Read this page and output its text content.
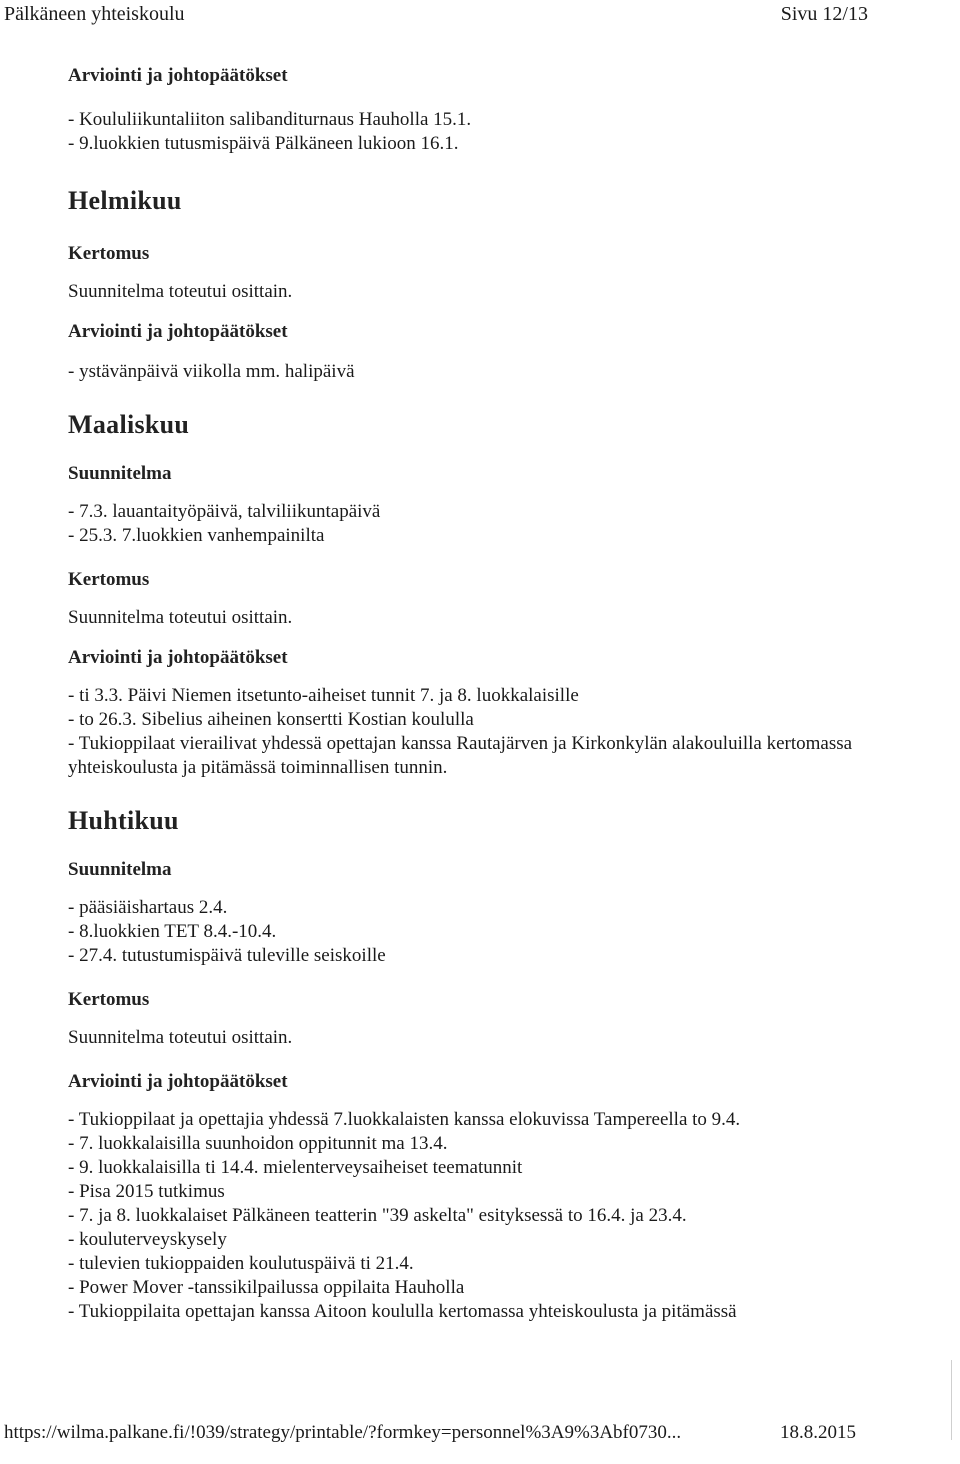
Pälkäneen yhteiskoulu	Sivu 12/13

Arviointi ja johtopäätökset

- Koululiikuntaliiton salibanditurnaus Hauholla 15.1.
- 9.luokkien tutusmispäivä Pälkäneen lukioon 16.1.
Helmikuu

Kertomus

Suunnitelma toteutui osittain.

Arviointi ja johtopäätökset

- ystävänpäivä viikolla mm. halipäivä
Maaliskuu

Suunnitelma

- 7.3. lauantaityöpäivä, talviliikuntapäivä
- 25.3. 7.luokkien vanhempainilta

Kertomus

Suunnitelma toteutui osittain.

Arviointi ja johtopäätökset

- ti 3.3. Päivi Niemen itsetunto-aiheiset tunnit 7. ja 8. luokkalaisille
- to 26.3. Sibelius aiheinen konsertti Kostian koululla
- Tukioppilaat vierailivat yhdessä opettajan kanssa Rautajärven ja Kirkonkylän alakouluilla kertomassa yhteiskoulusta ja pitämässä toiminnallisen tunnin.
Huhtikuu

Suunnitelma

- pääsiäishartaus 2.4.
- 8.luokkien TET 8.4.-10.4.
- 27.4. tutustumispäivä tuleville seiskoille

Kertomus

Suunnitelma toteutui osittain.

Arviointi ja johtopäätökset

- Tukioppilaat ja opettajia yhdessä 7.luokkalaisten kanssa elokuvissa Tampereella to 9.4.
- 7. luokkalaisilla suunhoidon oppitunnit ma 13.4.
- 9. luokkalaisilla ti 14.4. mielenterveysaiheiset teematunnit
- Pisa 2015 tutkimus
- 7. ja 8. luokkalaiset Pälkäneen teatterin "39 askelta" esityksessä to 16.4. ja 23.4.
- kouluterveyskysely
- tulevien tukioppaiden koulutuspäivä ti 21.4.
- Power Mover -tanssikilpailussa oppilaita Hauholla
- Tukioppilaita opettajan kanssa Aitoon koululla kertomassa yhteiskoulusta ja pitämässä
https://wilma.palkane.fi/!039/strategy/printable/?formkey=personnel%3A9%3Abf0730...	18.8.2015
